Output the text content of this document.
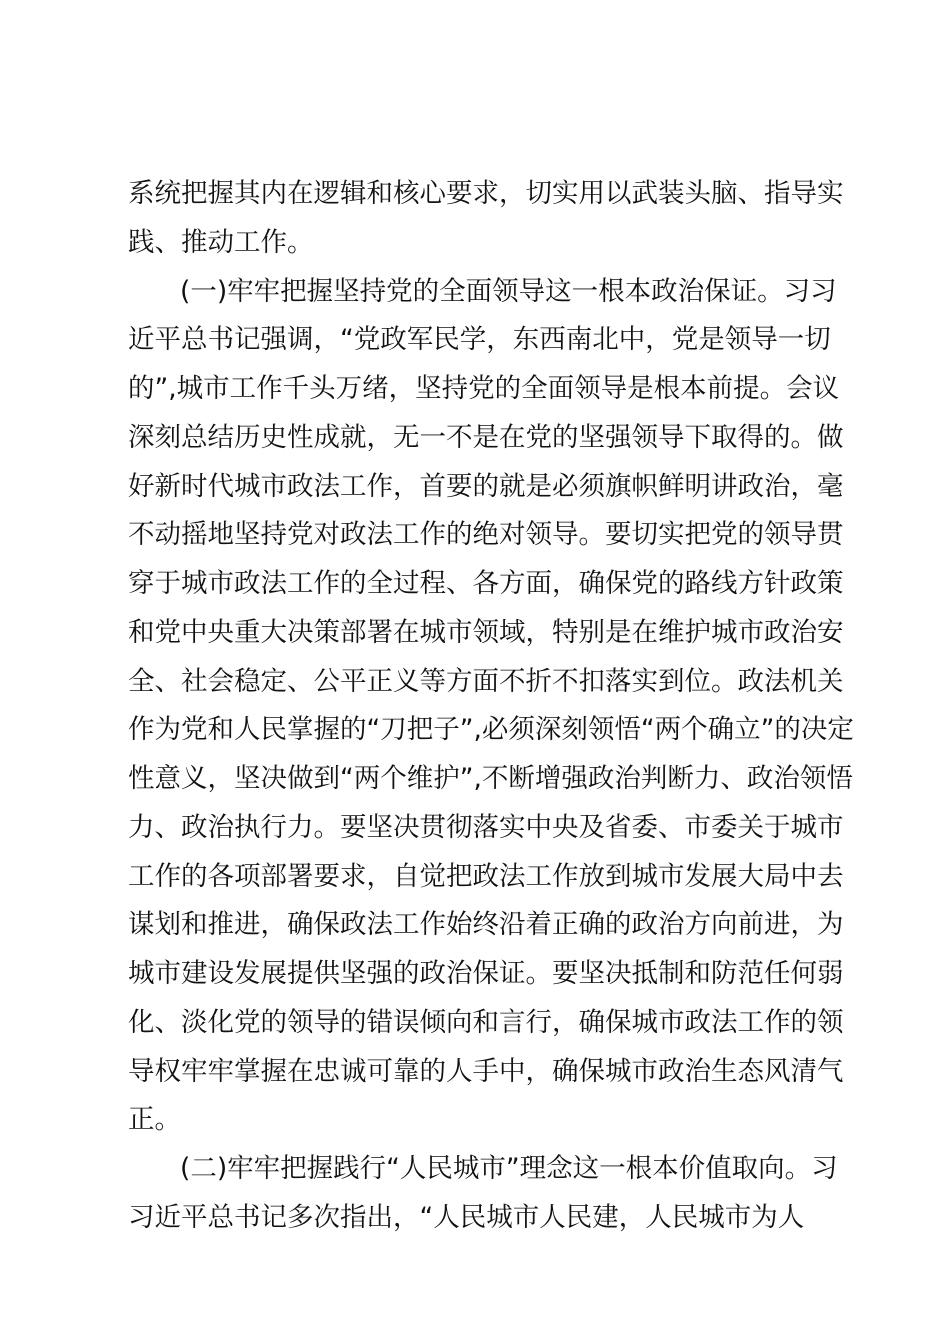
系统把握其内在逻辑和核心要求，切实用以武装头脑、指导实
践、推动工作。
(一)牢牢把握坚持党的全面领导这一根本政治保证。习习
近平总书记强调，“党政军民学，东西南北中，党是领导一切
的”,城市工作千头万绪，坚持党的全面领导是根本前提。会议
深刻总结历史性成就，无一不是在党的坚强领导下取得的。做
好新时代城市政法工作，首要的就是必须旗帜鲜明讲政治，毫
不动摇地坚持党对政法工作的绝对领导。要切实把党的领导贯
穿于城市政法工作的全过程、各方面，确保党的路线方针政策
和党中央重大决策部署在城市领域，特别是在维护城市政治安
全、社会稳定、公平正义等方面不折不扣落实到位。政法机关
作为党和人民掌握的“刀把子”,必须深刻领悟“两个确立”的决定
性意义，坚决做到“两个维护”,不断增强政治判断力、政治领悟
力、政治执行力。要坚决贯彻落实中央及省委、市委关于城市
工作的各项部署要求，自觉把政法工作放到城市发展大局中去
谋划和推进，确保政法工作始终沿着正确的政治方向前进，为
城市建设发展提供坚强的政治保证。要坚决抵制和防范任何弱
化、淡化党的领导的错误倾向和言行，确保城市政法工作的领
导权牢牢掌握在忠诚可靠的人手中，确保城市政治生态风清气
正。
(二)牢牢把握践行“人民城市”理念这一根本价值取向。习
习近平总书记多次指出，“人民城市人民建，人民城市为人
